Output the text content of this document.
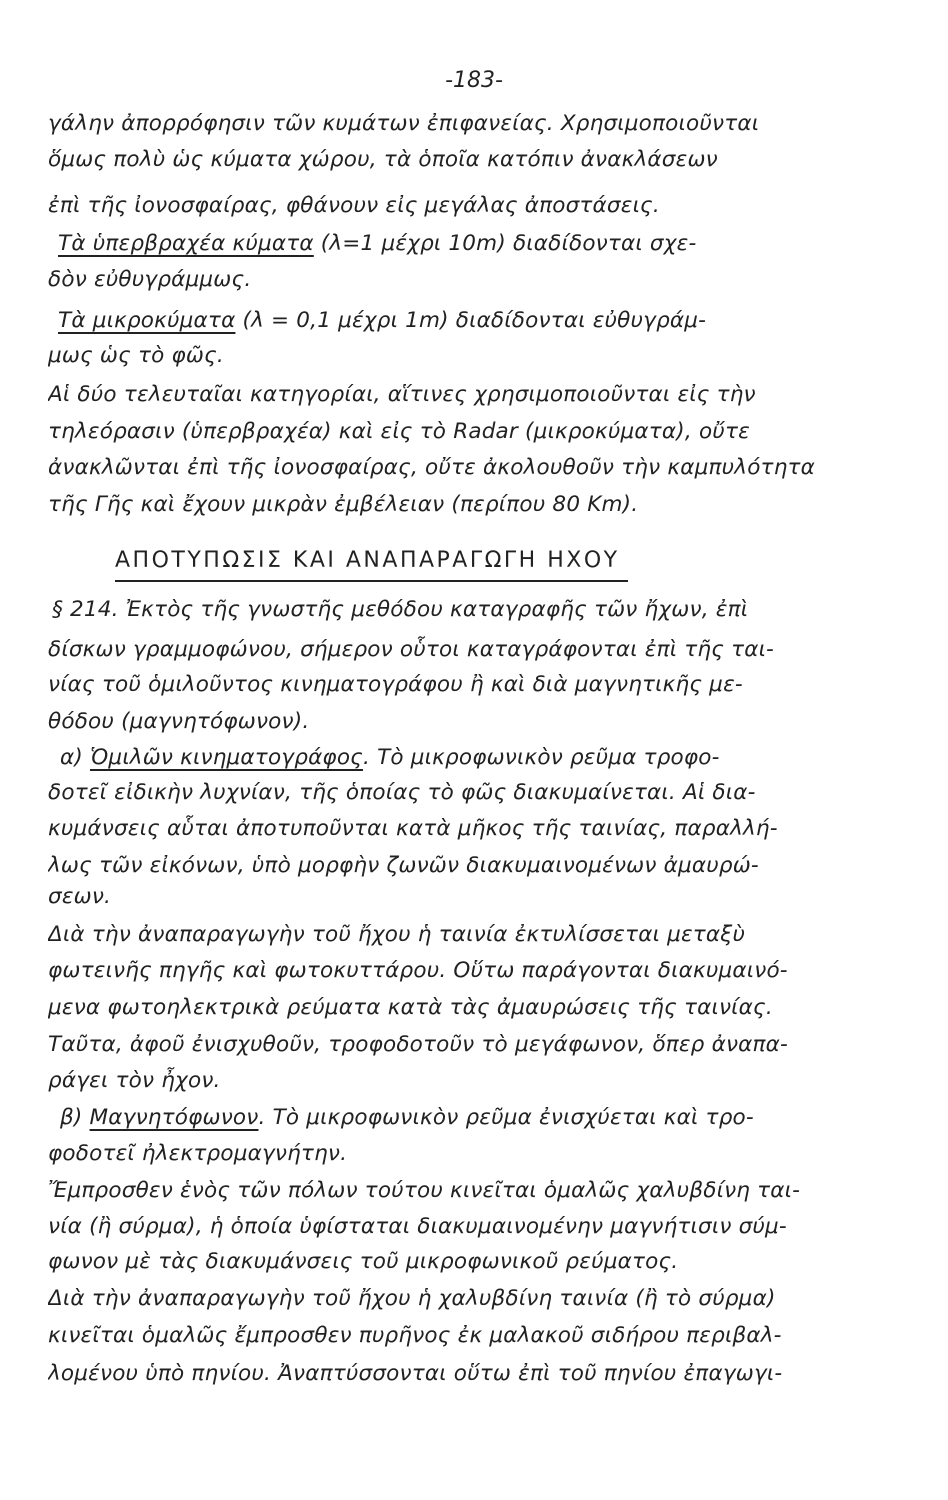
-183-
γάλην ἀπορρόφησιν τῶν κυμάτων ἐπιφανείας. Χρησιμοποιοῦνται
ὅμως πολὺ ὡς κύματα χώρου, τὰ ὁποῖα κατόπιν ἀνακλάσεων
ἐπὶ τῆς ἰονοσφαίρας, φθάνουν εἰς μεγάλας ἀποστάσεις.
Τὰ ὑπερβραχέα κύματα (λ=1 μέχρι 10m) διαδίδονται σχε-
δὸν εὐθυγράμμως.
Τὰ μικροκύματα (λ = 0,1 μέχρι 1m) διαδίδονται εὐθυγράμ-
μως ὡς τὸ φῶς.
Αἱ δύο τελευταῖαι κατηγορίαι, αἵτινες χρησιμοποιοῦνται εἰς τὴν
τηλεόρασιν (ὑπερβραχέα) καὶ εἰς τὸ Radar (μικροκύματα), οὔτε
ἀνακλῶνται ἐπὶ τῆς ἰονοσφαίρας, οὔτε ἀκολουθοῦν τὴν καμπυλότητα
τῆς Γῆς καὶ ἔχουν μικρὰν ἐμβέλειαν (περίπου 80 Km).
ΑΠΟΤΥΠΩΣΙΣ ΚΑΙ ΑΝΑΠΑΡΑΓΩΓΗ ΗΧΟΥ
§ 214. Ἐκτὸς τῆς γνωστῆς μεθόδου καταγραφῆς τῶν ἤχων, ἐπὶ
δίσκων γραμμοφώνου, σήμερον οὗτοι καταγράφονται ἐπὶ τῆς ται-
νίας τοῦ ὁμιλοῦντος κινηματογράφου ἢ καὶ διὰ μαγνητικῆς με-
θόδου (μαγνητόφωνον).
α) Ὁμιλῶν κινηματογράφος. Τὸ μικροφωνικὸν ρεῦμα τροφο-
δοτεῖ εἰδικὴν λυχνίαν, τῆς ὁποίας τὸ φῶς διακυμαίνεται. Αἱ δια-
κυμάνσεις αὗται ἀποτυποῦνται κατὰ μῆκος τῆς ταινίας, παραλλή-
λως τῶν εἰκόνων, ὑπὸ μορφὴν ζωνῶν διακυμαινομένων ἀμαυρώ-
σεων.
Διὰ τὴν ἀναπαραγωγὴν τοῦ ἤχου ἡ ταινία ἐκτυλίσσεται μεταξὺ
φωτεινῆς πηγῆς καὶ φωτοκυττάρου. Οὕτω παράγονται διακυμαινό-
μενα φωτοηλεκτρικὰ ρεύματα κατὰ τὰς ἀμαυρώσεις τῆς ταινίας.
Ταῦτα, ἀφοῦ ἐνισχυθοῦν, τροφοδοτοῦν τὸ μεγάφωνον, ὅπερ ἀναπα-
ράγει τὸν ἦχον.
β) Μαγνητόφωνον. Τὸ μικροφωνικὸν ρεῦμα ἐνισχύεται καὶ τρο-
φοδοτεῖ ἠλεκτρομαγνήτην.
Ἔμπροσθεν ἑνὸς τῶν πόλων τούτου κινεῖται ὁμαλῶς χαλυβδίνη ται-
νία (ἢ σύρμα), ἡ ὁποία ὑφίσταται διακυμαινομένην μαγνήτισιν σύμ-
φωνον μὲ τὰς διακυμάνσεις τοῦ μικροφωνικοῦ ρεύματος.
Διὰ τὴν ἀναπαραγωγὴν τοῦ ἤχου ἡ χαλυβδίνη ταινία (ἢ τὸ σύρμα)
κινεῖται ὁμαλῶς ἔμπροσθεν πυρῆνος ἐκ μαλακοῦ σιδήρου περιβαλ-
λομένου ὑπὸ πηνίου. Ἀναπτύσσονται οὕτω ἐπὶ τοῦ πηνίου ἐπαγωγι-
